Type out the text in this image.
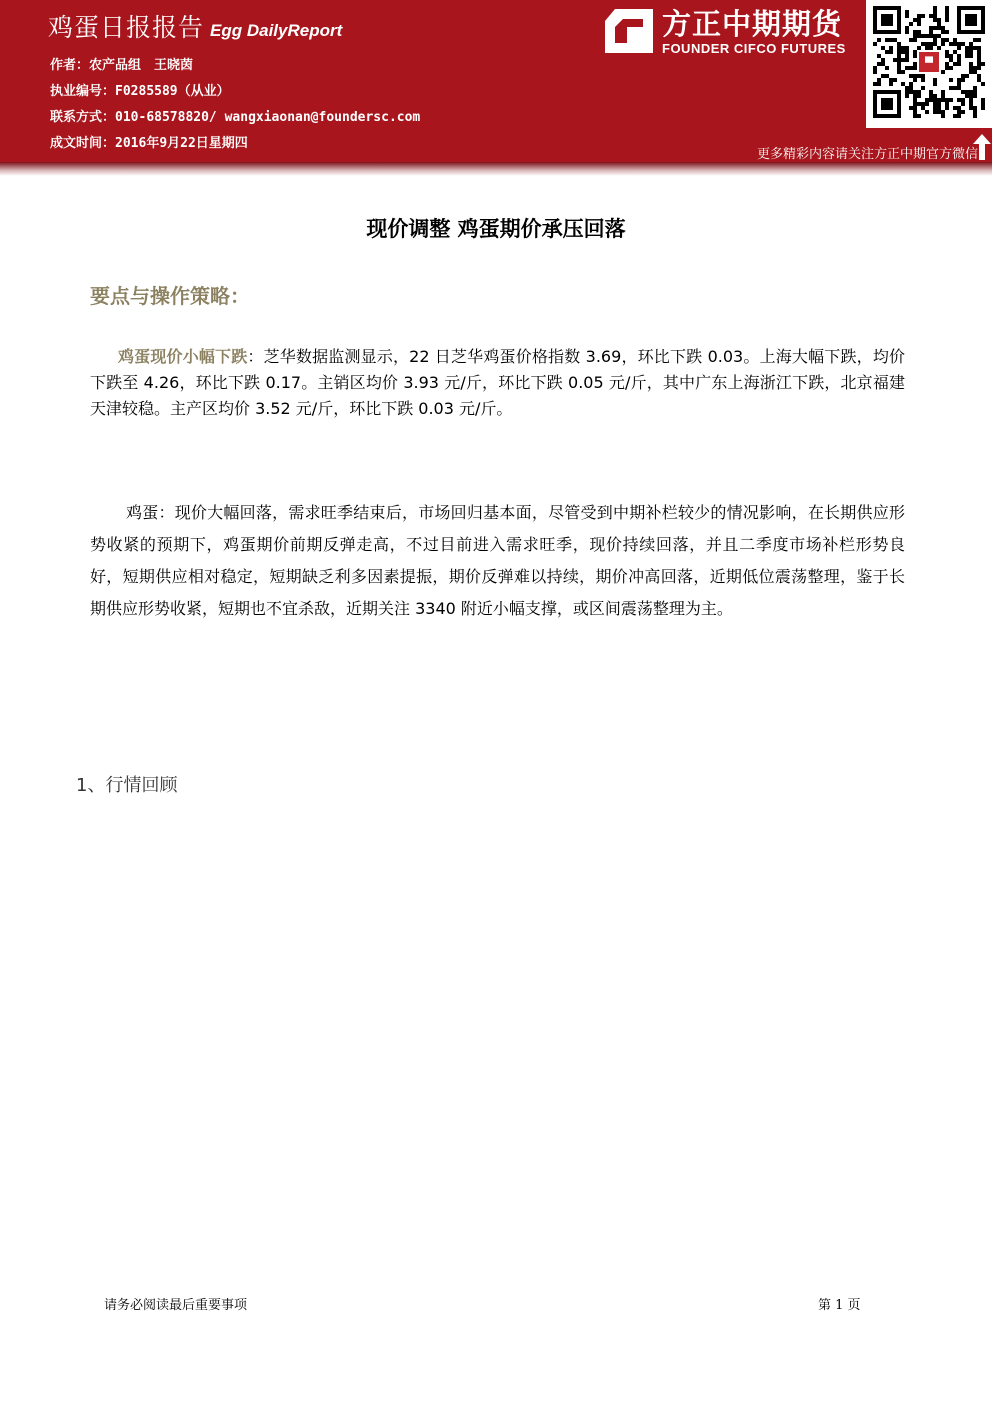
鸡蛋日报报告 Egg DailyReport
作者：农产品组　王晓茵
执业编号：F0285589（从业）
联系方式：010-68578820/ wangxiaonan@foundersc.com
成文时间：2016年9月22日星期四
方正中期期货
FOUNDER CIFCO FUTURES
更多精彩内容请关注方正中期官方微信
现价调整 鸡蛋期价承压回落
要点与操作策略：

鸡蛋现价小幅下跌：芝华数据监测显示，22 日芝华鸡蛋价格指数 3.69，环比下跌 0.03。上海大幅下跌，均价下跌至 4.26，环比下跌 0.17。主销区均价 3.93 元/斤，环比下跌 0.05 元/斤，其中广东上海浙江下跌，北京福建天津较稳。主产区均价 3.52 元/斤，环比下跌 0.03 元/斤。

鸡蛋：现价大幅回落，需求旺季结束后，市场回归基本面，尽管受到中期补栏较少的情况影响，在长期供应形势收紧的预期下，鸡蛋期价前期反弹走高，不过目前进入需求旺季，现价持续回落，并且二季度市场补栏形势良好，短期供应相对稳定，短期缺乏利多因素提振，期价反弹难以持续，期价冲高回落，近期低位震荡整理，鉴于长期供应形势收紧，短期也不宜杀敌，近期关注 3340 附近小幅支撑，或区间震荡整理为主。

1、行情回顾
请务必阅读最后重要事项	第 1 页
